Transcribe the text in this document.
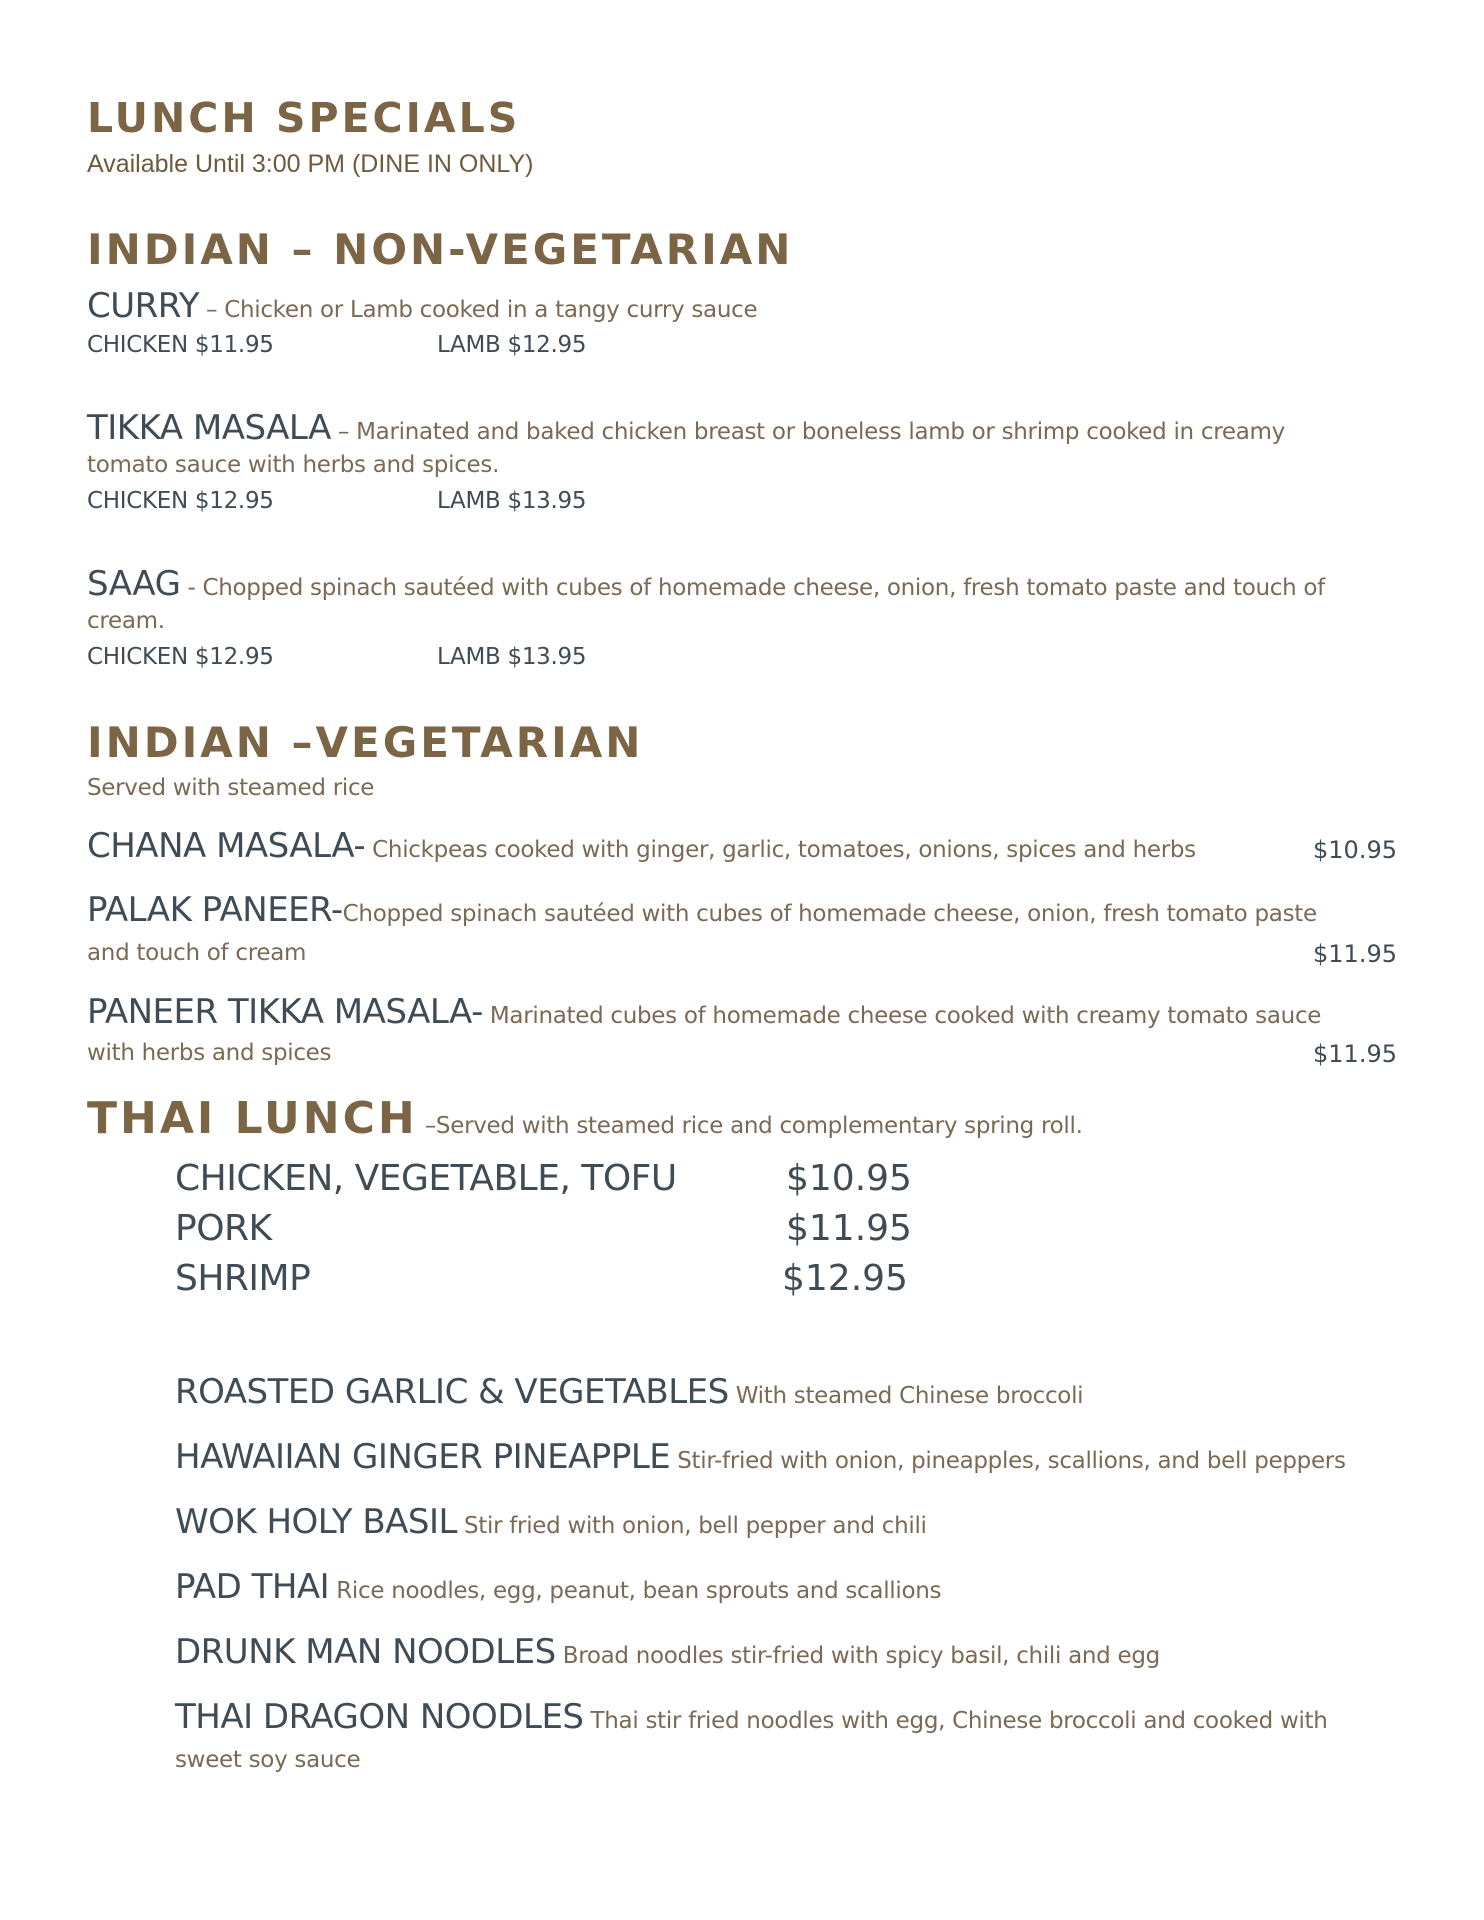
LUNCH SPECIALS
Available Until 3:00 PM (DINE IN ONLY)
INDIAN – NON-VEGETARIAN
CURRY – Chicken or Lamb cooked in a tangy curry sauce
CHICKEN $11.95	LAMB $12.95
TIKKA MASALA – Marinated and baked chicken breast or boneless lamb or shrimp cooked in creamy
tomato sauce with herbs and spices.
CHICKEN $12.95	LAMB $13.95
SAAG - Chopped spinach sautéed with cubes of homemade cheese, onion, fresh tomato paste and touch of
cream.
CHICKEN $12.95	LAMB $13.95
INDIAN –VEGETARIAN
Served with steamed rice
CHANA MASALA- Chickpeas cooked with ginger, garlic, tomatoes, onions, spices and herbs	$10.95
PALAK PANEER-Chopped spinach sautéed with cubes of homemade cheese, onion, fresh tomato paste
and touch of cream	$11.95
PANEER TIKKA MASALA- Marinated cubes of homemade cheese cooked with creamy tomato sauce
with herbs and spices	$11.95
THAI LUNCH –Served with steamed rice and complementary spring roll.
CHICKEN, VEGETABLE, TOFU	$10.95
PORK	$11.95
SHRIMP	$12.95
ROASTED GARLIC & VEGETABLES With steamed Chinese broccoli
HAWAIIAN GINGER PINEAPPLE Stir-fried with onion, pineapples, scallions, and bell peppers
WOK HOLY BASIL Stir fried with onion, bell pepper and chili
PAD THAI Rice noodles, egg, peanut, bean sprouts and scallions
DRUNK MAN NOODLES Broad noodles stir-fried with spicy basil, chili and egg
THAI DRAGON NOODLES Thai stir fried noodles with egg, Chinese broccoli and cooked with
sweet soy sauce
